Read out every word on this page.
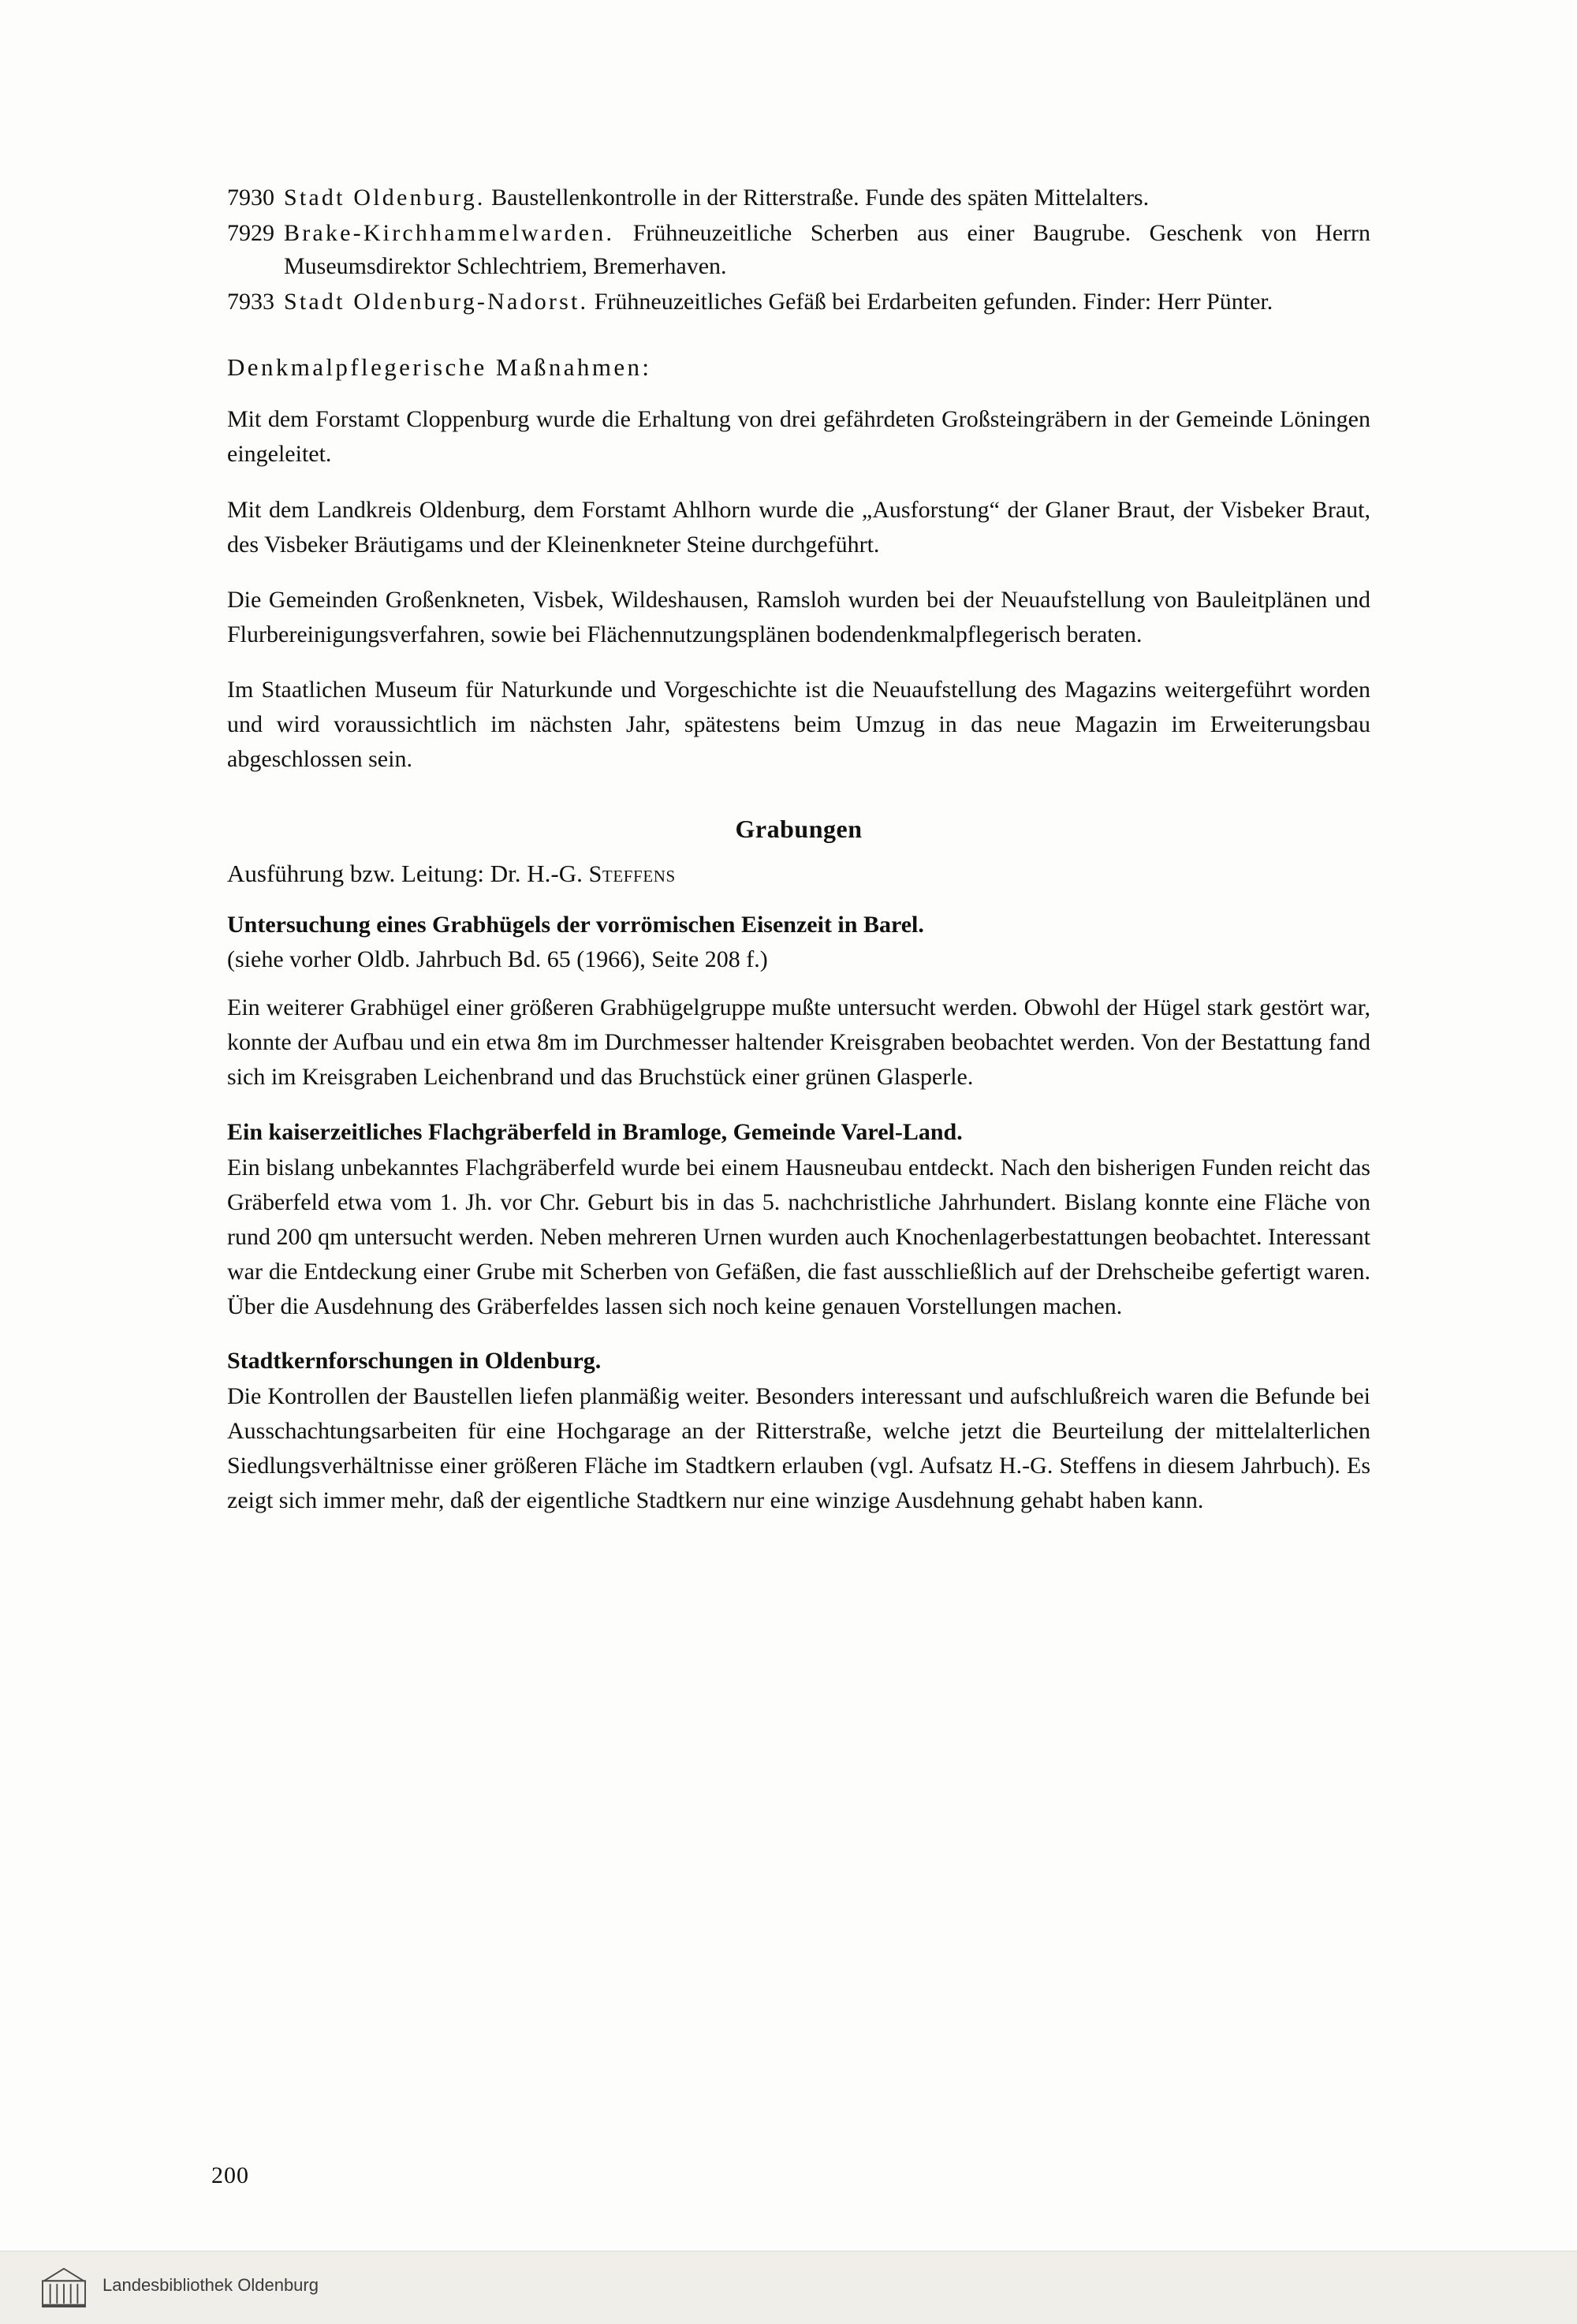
7930 Stadt Oldenburg. Baustellenkontrolle in der Ritterstraße. Funde des späten Mittelalters.
7929 Brake-Kirchhammelwarden. Frühneuzeitliche Scherben aus einer Baugrube. Geschenk von Herrn Museumsdirektor Schlechtriem, Bremerhaven.
7933 Stadt Oldenburg-Nadorst. Frühneuzeitliches Gefäß bei Erdarbeiten gefunden. Finder: Herr Pünter.
Denkmalpflegerische Maßnahmen:

Mit dem Forstamt Cloppenburg wurde die Erhaltung von drei gefährdeten Großsteingräbern in der Gemeinde Löningen eingeleitet.

Mit dem Landkreis Oldenburg, dem Forstamt Ahlhorn wurde die „Ausforstung“ der Glaner Braut, der Visbeker Braut, des Visbeker Bräutigams und der Kleinenkneter Steine durchgeführt.

Die Gemeinden Großenkneten, Visbek, Wildeshausen, Ramsloh wurden bei der Neuaufstellung von Bauleitplänen und Flurbereinigungsverfahren, sowie bei Flächennutzungsplänen bodendenkmalpflegerisch beraten.

Im Staatlichen Museum für Naturkunde und Vorgeschichte ist die Neuaufstellung des Magazins weitergeführt worden und wird voraussichtlich im nächsten Jahr, spätestens beim Umzug in das neue Magazin im Erweiterungsbau abgeschlossen sein.

Grabungen
Ausführung bzw. Leitung: Dr. H.-G. Steffens
Untersuchung eines Grabhügels der vorrömischen Eisenzeit in Barel.

(siehe vorher Oldb. Jahrbuch Bd. 65 (1966), Seite 208 f.)

Ein weiterer Grabhügel einer größeren Grabhügelgruppe mußte untersucht werden. Obwohl der Hügel stark gestört war, konnte der Aufbau und ein etwa 8m im Durchmesser haltender Kreisgraben beobachtet werden. Von der Bestattung fand sich im Kreisgraben Leichenbrand und das Bruchstück einer grünen Glasperle.

Ein kaiserzeitliches Flachgräberfeld in Bramloge, Gemeinde Varel-Land.

Ein bislang unbekanntes Flachgräberfeld wurde bei einem Hausneubau entdeckt. Nach den bisherigen Funden reicht das Gräberfeld etwa vom 1. Jh. vor Chr. Geburt bis in das 5. nachchristliche Jahrhundert. Bislang konnte eine Fläche von rund 200 qm untersucht werden. Neben mehreren Urnen wurden auch Knochenlagerbestattungen beobachtet. Interessant war die Entdeckung einer Grube mit Scherben von Gefäßen, die fast ausschließlich auf der Drehscheibe gefertigt waren. Über die Ausdehnung des Gräberfeldes lassen sich noch keine genauen Vorstellungen machen.

Stadtkernforschungen in Oldenburg.

Die Kontrollen der Baustellen liefen planmäßig weiter. Besonders interessant und aufschlußreich waren die Befunde bei Ausschachtungsarbeiten für eine Hochgarage an der Ritterstraße, welche jetzt die Beurteilung der mittelalterlichen Siedlungsverhältnisse einer größeren Fläche im Stadtkern erlauben (vgl. Aufsatz H.-G. Steffens in diesem Jahrbuch). Es zeigt sich immer mehr, daß der eigentliche Stadtkern nur eine winzige Ausdehnung gehabt haben kann.

200
Landesbibliothek Oldenburg
